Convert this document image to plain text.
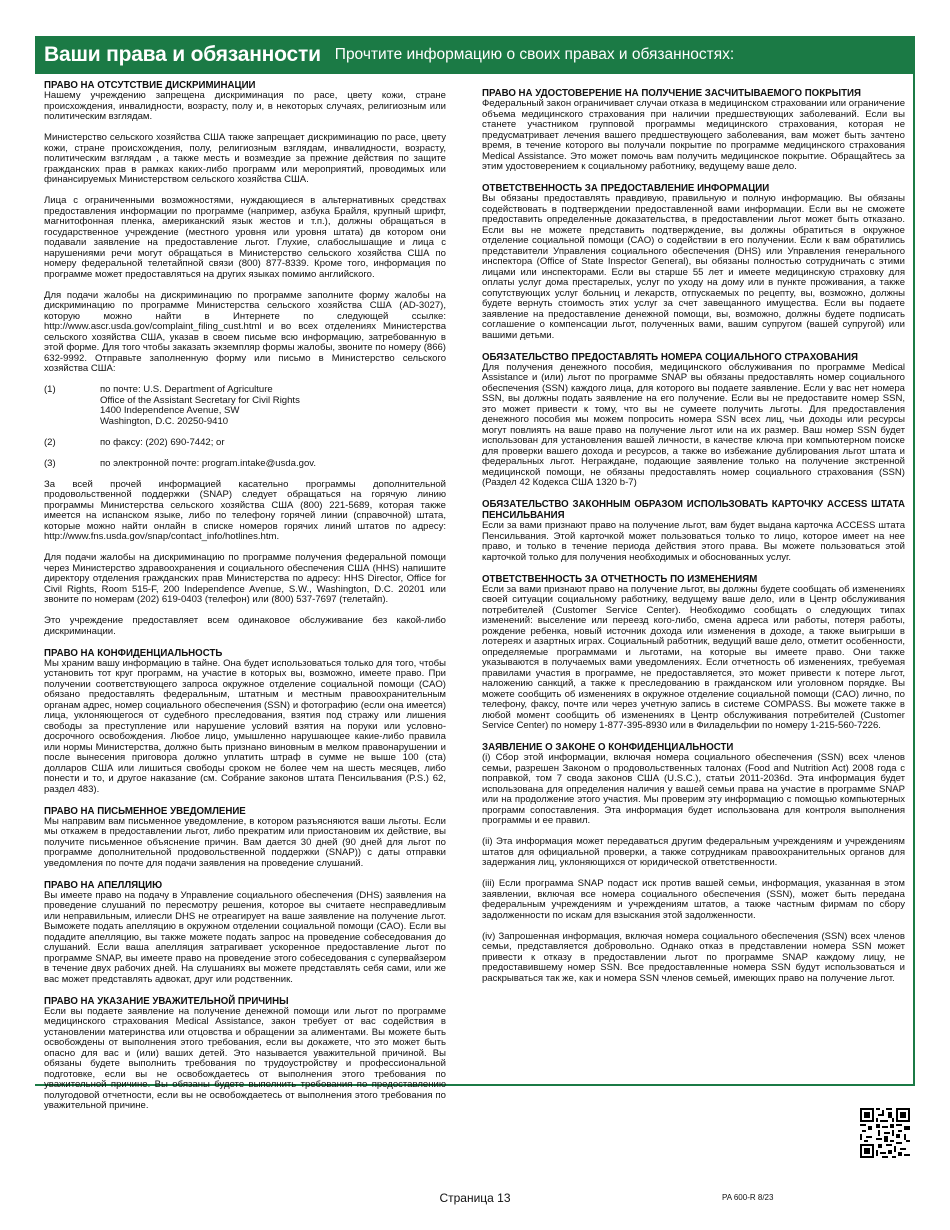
Ваши права и обязанности Прочтите информацию о своих правах и обязанностях:
ПРАВО НА ОТСУТСТВИЕ ДИСКРИМИНАЦИИ

Нашему учреждению запрещена дискриминация по расе, цвету кожи, стране происхождения, инвалидности, возрасту, полу и, в некоторых случаях, религиозным или политическим взглядам.

Министерство сельского хозяйства США также запрещает дискриминацию по расе, цвету кожи, стране происхождения, полу, религиозным взглядам, инвалидности, возрасту, политическим взглядам , а также месть и возмездие за прежние действия по защите гражданских прав в рамках каких-либо программ или мероприятий, проводимых или финансируемых Министерством сельского хозяйства США.

Лица с ограниченными возможностями, нуждающиеся в альтернативных средствах предоставления информации по программе (например, азбука Брайля, крупный шрифт, магнитофонная пленка, американский язык жестов и т.п.), должны обращаться в государственное учреждение (местного уровня или уровня штата) дв котором они подавали заявление на предоставление льгот. Глухие, слабослышащие и лица с нарушениями речи могут обращаться в Министерство сельского хозяйства США по номеру федеральной телетайпной связи (800) 877-8339. Кроме того, информация по программе может предоставляться на других языках помимо английского.

Для подачи жалобы на дискриминацию по программе заполните форму жалобы на дискриминацию по программе Министерства сельского хозяйства США (AD-3027), которую можно найти в Интернете по следующей ссылке: http://www.ascr.usda.gov/complaint_filing_cust.html и во всех отделениях Министерства сельского хозяйства США, указав в своем письме всю информацию, затребованную в этой форме. Для того чтобы заказать экземпляр формы жалобы, звоните по номеру (866) 632-9992. Отправьте заполненную форму или письмо в Министерство сельского хозяйства США:

(1)	по почте: U.S. Department of Agriculture
Office of the Assistant Secretary for Civil Rights
1400 Independence Avenue, SW
Washington, D.C. 20250-9410
(2)	по факсу: (202) 690-7442; or
(3)	по электронной почте: program.intake@usda.gov.

За всей прочей информацией касательно программы дополнительной продовольственной поддержки (SNAP) следует обращаться на горячую линию программы Министерства сельского хозяйства США (800) 221-5689, которая также имеется на испанском языке, либо по телефону горячей линии (справочной) штата, которые можно найти онлайн в списке номеров горячих линий штатов по адресу: http://www.fns.usda.gov/snap/contact_info/hotlines.htm.

Для подачи жалобы на дискриминацию по программе получения федеральной помощи через Министерство здравоохранения и социального обеспечения США (HHS) напишите директору отделения гражданских прав Министерства по адресу: HHS Director, Office for Civil Rights, Room 515-F, 200 Independence Avenue, S.W., Washington, D.C. 20201 или звоните по номерам (202) 619-0403 (телефон) или (800) 537-7697 (телетайп).

Это учреждение предоставляет всем одинаковое обслуживание без какой-либо дискриминации.

ПРАВО НА КОНФИДЕНЦИАЛЬНОСТЬ

Мы храним вашу информацию в тайне. Она будет использоваться только для того, чтобы установить тот круг программ, на участие в которых вы, возможно, имеете право. При получении соответствующего запроса окружное отделение социальной помощи (CAO) обязано предоставлять федеральным, штатным и местным правоохранительным органам адрес, номер социального обеспечения (SSN) и фотографию (если она имеется) лица, уклоняющегося от судебного преследования, взятия под стражу или лишения свободы за преступление или нарушение условий взятия на поруки или условно-досрочного освобождения. Любое лицо, умышленно нарушающее какие-либо правила или нормы Министерства, должно быть признано виновным в мелком правонарушении и после вынесения приговора должно уплатить штраф в сумме не выше 100 (ста) долларов США или лишиться свободы сроком не более чем на шесть месяцев, либо понести и то, и другое наказание (см. Собрание законов штата Пенсильвания (P.S.) 62, раздел 483).

ПРАВО НА ПИСЬМЕННОЕ УВЕДОМЛЕНИЕ

Мы направим вам письменное уведомление, в котором разъясняются ваши льготы. Если мы откажем в предоставлении льгот, либо прекратим или приостановим их действие, вы получите письменное объяснение причин. Вам дается 30 дней (90 дней для льгот по программе дополнительной продовольственной поддержки (SNAP)) с даты отправки уведомления по почте для подачи заявления на проведение слушаний.

ПРАВО НА АПЕЛЛЯЦИЮ

Вы имеете право на подачу в Управление социального обеспечения (DHS) заявления на проведение слушаний по пересмотру решения, которое вы считаете несправедливым или неправильным, илиесли DHS не отреагирует на ваше заявление на получение льгот. Выможете подать апелляцию в окружном отделении социальной помощи (CAO). Если вы подадите апелляцию, вы также можете подать запрос на проведение собеседования до слушаний. Если ваша апелляция затрагивает ускоренное предоставление льгот по программе SNAP, вы имеете право на проведение этого собеседования с супервайзером в течение двух рабочих дней. На слушаниях вы можете представлять себя сами, или же вас может представлять адвокат, друг или родственник.

ПРАВО НА УКАЗАНИЕ УВАЖИТЕЛЬНОЙ ПРИЧИНЫ

Если вы подаете заявление на получение денежной помощи или льгот по программе медицинского страхования Medical Assistance, закон требует от вас содействия в установлении материнства или отцовства и обращении за алиментами. Вы можете быть освобождены от выполнения этого требования, если вы докажете, что это может быть опасно для вас и (или) ваших детей. Это называется уважительной причиной. Вы обязаны будете выполнить требования по трудоустройству и профессиональной подготовке, если вы не освобождаетесь от выполнения этого требования по уважительной причине. Вы обязаны будете выполнить требования по предоставлению полугодовой отчетности, если вы не освобождаетесь от выполнения этого требования по уважительной причине.

ПРАВО НА УДОСТОВЕРЕНИЕ НА ПОЛУЧЕНИЕ ЗАСЧИТЫВАЕМОГО ПОКРЫТИЯ

Федеральный закон ограничивает случаи отказа в медицинском страховании или ограничение объема медицинского страхования при наличии предшествующих заболеваний. Если вы станете участником групповой программы медицинского страхования, которая не предусматривает лечения вашего предшествующего заболевания, вам может быть зачтено время, в течение которого вы получали покрытие по программе медицинского страхования Medical Assistance. Это может помочь вам получить медицинское покрытие. Обращайтесь за этим удостоверением к социальному работнику, ведущему ваше дело.

ОТВЕТСТВЕННОСТЬ ЗА ПРЕДОСТАВЛЕНИЕ ИНФОРМАЦИИ

Вы обязаны предоставлять правдивую, правильную и полную информацию. Вы обязаны содействовать в подтверждении предоставленной вами информации. Если вы не сможете предоставить определенные доказательства, в предоставлении льгот может быть отказано. Если вы не можете представить подтверждение, вы должны обратиться в окружное отделение социальной помощи (CAO) о содействии в его получении. Если к вам обратились представители Управления социального обеспечения (DHS) или Управления генерального инспектора (Office of State Inspector General), вы обязаны полностью сотрудничать с этими лицами или инспекторами. Если вы старше 55 лет и имеете медицинскую страховку для оплаты услуг дома престарелых, услуг по уходу на дому или в пункте проживания, а также сопутствующих услуг больниц и лекарств, отпускаемых по рецепту, вы, возможно, должны будете вернуть стоимость этих услуг за счет завещанного имущества. Если вы подаете заявление на предоставление денежной помощи, вы, возможно, должны будете подписать соглашение о компенсации льгот, полученных вами, вашим супругом (вашей супругой) или вашими детьми.

ОБЯЗАТЕЛЬСТВО ПРЕДОСТАВЛЯТЬ НОМЕРА СОЦИАЛЬНОГО СТРАХОВАНИЯ

Для получения денежного пособия, медицинского обслуживания по программе Medical Assistance и (или) льгот по программе SNAP вы обязаны предоставлять номер социального обеспечения (SSN) каждого лица, для которого вы подаете заявление. Если у вас нет номера SSN, вы должны подать заявление на его получение. Если вы не предоставите номер SSN, это может привести к тому, что вы не сумеете получить льготы. Для предоставления денежного пособия мы можем попросить номера SSN всех лиц, чьи доходы или ресурсы могут повлиять на ваше право на получение льгот или на их размер. Ваш номер SSN будет использован для установления вашей личности, в качестве ключа при компьютерном поиске для проверки вашего дохода и ресурсов, а также во избежание дублирования льгот штата и федеральных льгот. Неграждане, подающие заявление только на получение экстренной медицинской помощи, не обязаны предоставлять номер социального страхования (SSN) (Раздел 42 Кодекса США 1320 b-7)

ОБЯЗАТЕЛЬСТВО ЗАКОННЫМ ОБРАЗОМ ИСПОЛЬЗОВАТЬ КАРТОЧКУ ACCESS ШТАТА ПЕНСИЛЬВАНИЯ

Если за вами признают право на получение льгот, вам будет выдана карточка ACCESS штата Пенсильвания. Этой карточкой может пользоваться только то лицо, которое имеет на нее право, и только в течение периода действия этого права. Вы можете пользоваться этой карточкой только для получения необходимых и обоснованных услуг.

ОТВЕТСТВЕННОСТЬ ЗА ОТЧЕТНОСТЬ ПО ИЗМЕНЕНИЯМ

Если за вами признают право на получение льгот, вы должны будете сообщать об изменениях своей ситуации социальному работнику, ведущему ваше дело, или в Центр обслуживания потребителей (Customer Service Center). Необходимо сообщать о следующих типах изменений: выселение или переезд кого-либо, смена адреса или работы, потеря работы, рождение ребенка, новый источник дохода или изменения в доходе, а также выигрыши в лотереях и азартных играх. Социальный работник, ведущий ваше дело, отметит особенности, определяемые программами и льготами, на которые вы имеете право. Они также указываются в получаемых вами уведомлениях. Если отчетность об изменениях, требуемая правилами участия в программе, не предоставляется, это может привести к потере льгот, наложению санкций, а также к преследованию в гражданском или уголовном порядке. Вы можете сообщить об изменениях в окружное отделение социальной помощи (CAO) лично, по телефону, факсу, почте или через учетную запись в системе COMPASS. Вы можете также в любой момент сообщить об изменениях в Центр обслуживания потребителей (Customer Service Center) по номеру 1-877-395-8930 или в Филадельфии по номеру 1-215-560-7226.

ЗАЯВЛЕНИЕ О ЗАКОНЕ О КОНФИДЕНЦИАЛЬНОСТИ

(i) Сбор этой информации, включая номера социального обеспечения (SSN) всех членов семьи, разрешен Законом о продовольственных талонах (Food and Nutrition Act) 2008 года с поправкой, том 7 свода законов США (U.S.C.), статьи 2011-2036d. Эта информация будет использована для определения наличия у вашей семьи права на участие в программе SNAP или на продолжение этого участия. Мы проверим эту информацию с помощью компьютерных программ сопоставления. Эта информация будет использована для контроля выполнения программы и ее правил.

(ii) Эта информация может передаваться другим федеральным учреждениям и учреждениям штатов для официальной проверки, а также сотрудникам правоохранительных органов для задержания лиц, уклоняющихся от юридической ответственности.

(iii) Если программа SNAP подаст иск против вашей семьи, информация, указанная в этом заявлении, включая все номера социального обеспечения (SSN), может быть передана федеральным учреждениям и учреждениям штатов, а также частным фирмам по сбору задолженности по искам для взыскания этой задолженности.

(iv) Запрошенная информация, включая номера социального обеспечения (SSN) всех членов семьи, представляется добровольно. Однако отказ в представлении номера SSN может привести к отказу в предоставлении льгот по программе SNAP каждому лицу, не предоставившему номер SSN. Все предоставленные номера SSN будут использоваться и раскрываться так же, как и номера SSN членов семьей, имеющих право на получение льгот.

Страница 13	PA 600-R 8/23
